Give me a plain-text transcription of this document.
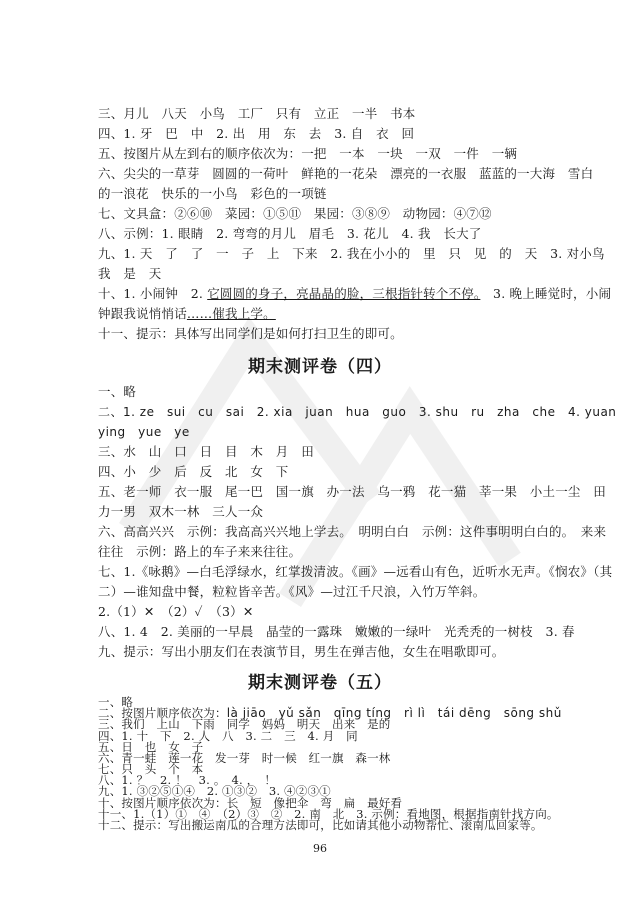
三、月儿　八天　小鸟　工厂　只有　立正　一半　书本
四、1. 牙　巴　中　2. 出　用　东　去　3. 自　衣　回
五、按图片从左到右的顺序依次为：一把　一本　一块　一双　一件　一辆
六、尖尖的一草芽　圆圆的一荷叶　鲜艳的一花朵　漂亮的一衣服　蓝蓝的一大海　雪白
的一浪花　快乐的一小鸟　彩色的一项链
七、文具盒：②⑥⑩　菜园：①⑤⑪　果园：③⑧⑨　动物园：④⑦⑫
八、示例：1. 眼睛　2. 弯弯的月儿　眉毛　3. 花儿　4. 我　长大了
九、1. 天　了　了　一　子　上　下来　2. 我在小小的　里　只　见　的　天　3. 对小鸟
我　是　天
十、1. 小闹钟　2. 它圆圆的身子，亮晶晶的脸，三根指针转个不停。　3. 晚上睡觉时，小闹
钟跟我说悄悄话……催我上学。
十一、提示：具体写出同学们是如何打扫卫生的即可。
期末测评卷（四）
一、略
二、1. ze　sui　cu　sai　2. xia　juan　hua　guo　3. shu　ru　zha　che　4. yuan
ying　yue　ye
三、水　山　口　日　目　木　月　田
四、小　少　后　反　北　女　下
五、老一师　衣一服　尾一巴　国一旗　办一法　乌一鸦　花一猫　莘一果　小土一尘　田
力一男　双木一林　三人一众
六、高高兴兴　示例：我高高兴兴地上学去。　明明白白　示例：这件事明明白白的。　来来
往往　示例：路上的车子来来往往。
七、1.《咏鹅》—白毛浮绿水，红掌拨清波。《画》—远看山有色，近听水无声。《悯农》（其
二）—谁知盘中餐，粒粒皆辛苦。《风》—过江千尺浪，入竹万竿斜。
2.（1）✕　（2）✓　（3）✕
八、1. 4　2. 美丽的一早晨　晶莹的一露珠　嫩嫩的一绿叶　光秃秃的一树枝　3. 春
九、提示：写出小朋友们在表演节目，男生在弹吉他，女生在唱歌即可。
期末测评卷（五）
一、略
二、按图片顺序依次为：là jiāo　yǔ sǎn　qīng tíng　rì lì　tái dēng　sōng shǔ
三、我们　上山　下雨　同学　妈妈　明天　出来　是的
四、1. 十　下　2. 人　八　3. 二　三　4. 月　同
五、日　也　女　子
六、青一蛙　莲一花　发一芽　时一候　红一旗　森一林
七、只　头　个　本
八、1. ？　2. ！　3. 。　4. ，　！
九、1. ③②⑤①④　2. ①③②　3. ④②③①
十、按图片顺序依次为：长　短　像把伞　弯　扁　最好看
十一、1.（1）①　④　（2）③　②　2. 南　北　3. 示例：看地图，根据指南针找方向。
十二、提示：写出搬运南瓜的合理方法即可，比如请其他小动物帮忙、滚南瓜回家等。
96
